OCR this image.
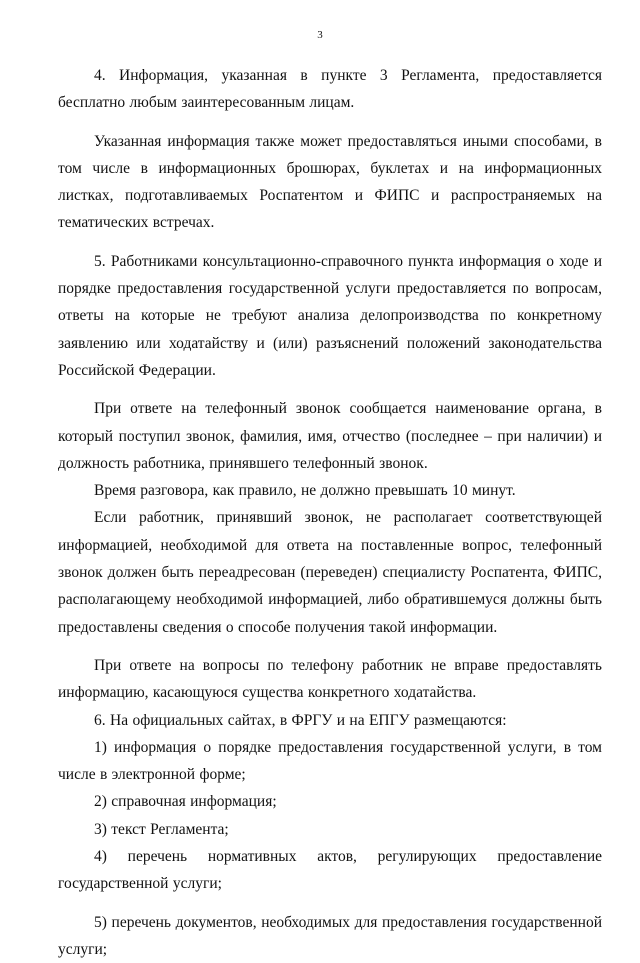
3

4. Информация, указанная в пункте 3 Регламента, предоставляется бесплатно любым заинтересованным лицам.

Указанная информация также может предоставляться иными способами, в том числе в информационных брошюрах, буклетах и на информационных листках, подготавливаемых Роспатентом и ФИПС и распространяемых на тематических встречах.

5. Работниками консультационно-справочного пункта информация о ходе и порядке предоставления государственной услуги предоставляется по вопросам, ответы на которые не требуют анализа делопроизводства по конкретному заявлению или ходатайству и (или) разъяснений положений законодательства Российской Федерации.

При ответе на телефонный звонок сообщается наименование органа, в который поступил звонок, фамилия, имя, отчество (последнее – при наличии) и должность работника, принявшего телефонный звонок.

Время разговора, как правило, не должно превышать 10 минут.

Если работник, принявший звонок, не располагает соответствующей информацией, необходимой для ответа на поставленные вопрос, телефонный звонок должен быть переадресован (переведен) специалисту Роспатента, ФИПС, располагающему необходимой информацией, либо обратившемуся должны быть предоставлены сведения о способе получения такой информации.

При ответе на вопросы по телефону работник не вправе предоставлять информацию, касающуюся существа конкретного ходатайства.

6. На официальных сайтах, в ФРГУ и на ЕПГУ размещаются:

1) информация о порядке предоставления государственной услуги, в том числе в электронной форме;

2) справочная информация;

3) текст Регламента;

4) перечень нормативных актов, регулирующих предоставление государственной услуги;

5) перечень документов, необходимых для предоставления государственной услуги;
